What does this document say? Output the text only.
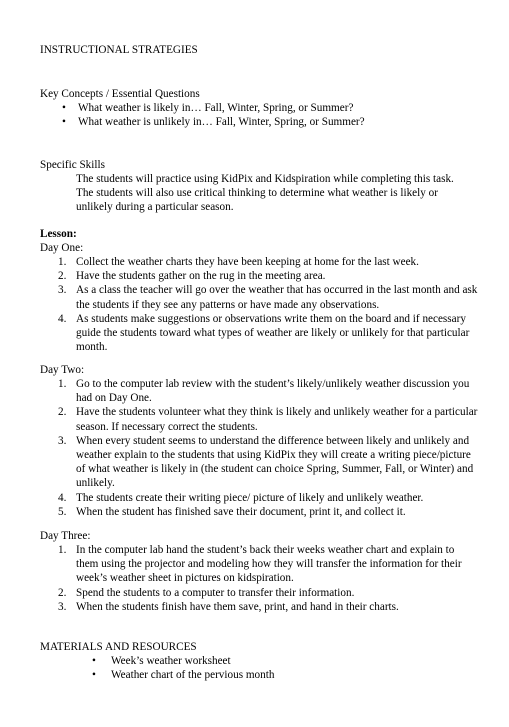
INSTRUCTIONAL STRATEGIES

Key Concepts / Essential Questions

• What weather is likely in… Fall, Winter, Spring, or Summer?
• What weather is unlikely in… Fall, Winter, Spring, or Summer?

Specific Skills

The students will practice using KidPix and Kidspiration while completing this task. The students will also use critical thinking to determine what weather is likely or unlikely during a particular season.

Lesson:

Day One:

1. Collect the weather charts they have been keeping at home for the last week.
2. Have the students gather on the rug in the meeting area.
3. As a class the teacher will go over the weather that has occurred in the last month and ask the students if they see any patterns or have made any observations.
4. As students make suggestions or observations write them on the board and if necessary guide the students toward what types of weather are likely or unlikely for that particular month.

Day Two:

1. Go to the computer lab review with the student’s likely/unlikely weather discussion you had on Day One.
2. Have the students volunteer what they think is likely and unlikely weather for a particular season. If necessary correct the students.
3. When every student seems to understand the difference between likely and unlikely and weather explain to the students that using KidPix they will create a writing piece/picture of what weather is likely in (the student can choice Spring, Summer, Fall, or Winter) and unlikely.
4. The students create their writing piece/ picture of likely and unlikely weather.
5. When the student has finished save their document, print it, and collect it.

Day Three:

1. In the computer lab hand the student’s back their weeks weather chart and explain to them using the projector and modeling how they will transfer the information for their week’s weather sheet in pictures on kidspiration.
2. Spend the students to a computer to transfer their information.
3. When the students finish have them save, print, and hand in their charts.

MATERIALS AND RESOURCES

• Week’s weather worksheet
• Weather chart of the pervious month
